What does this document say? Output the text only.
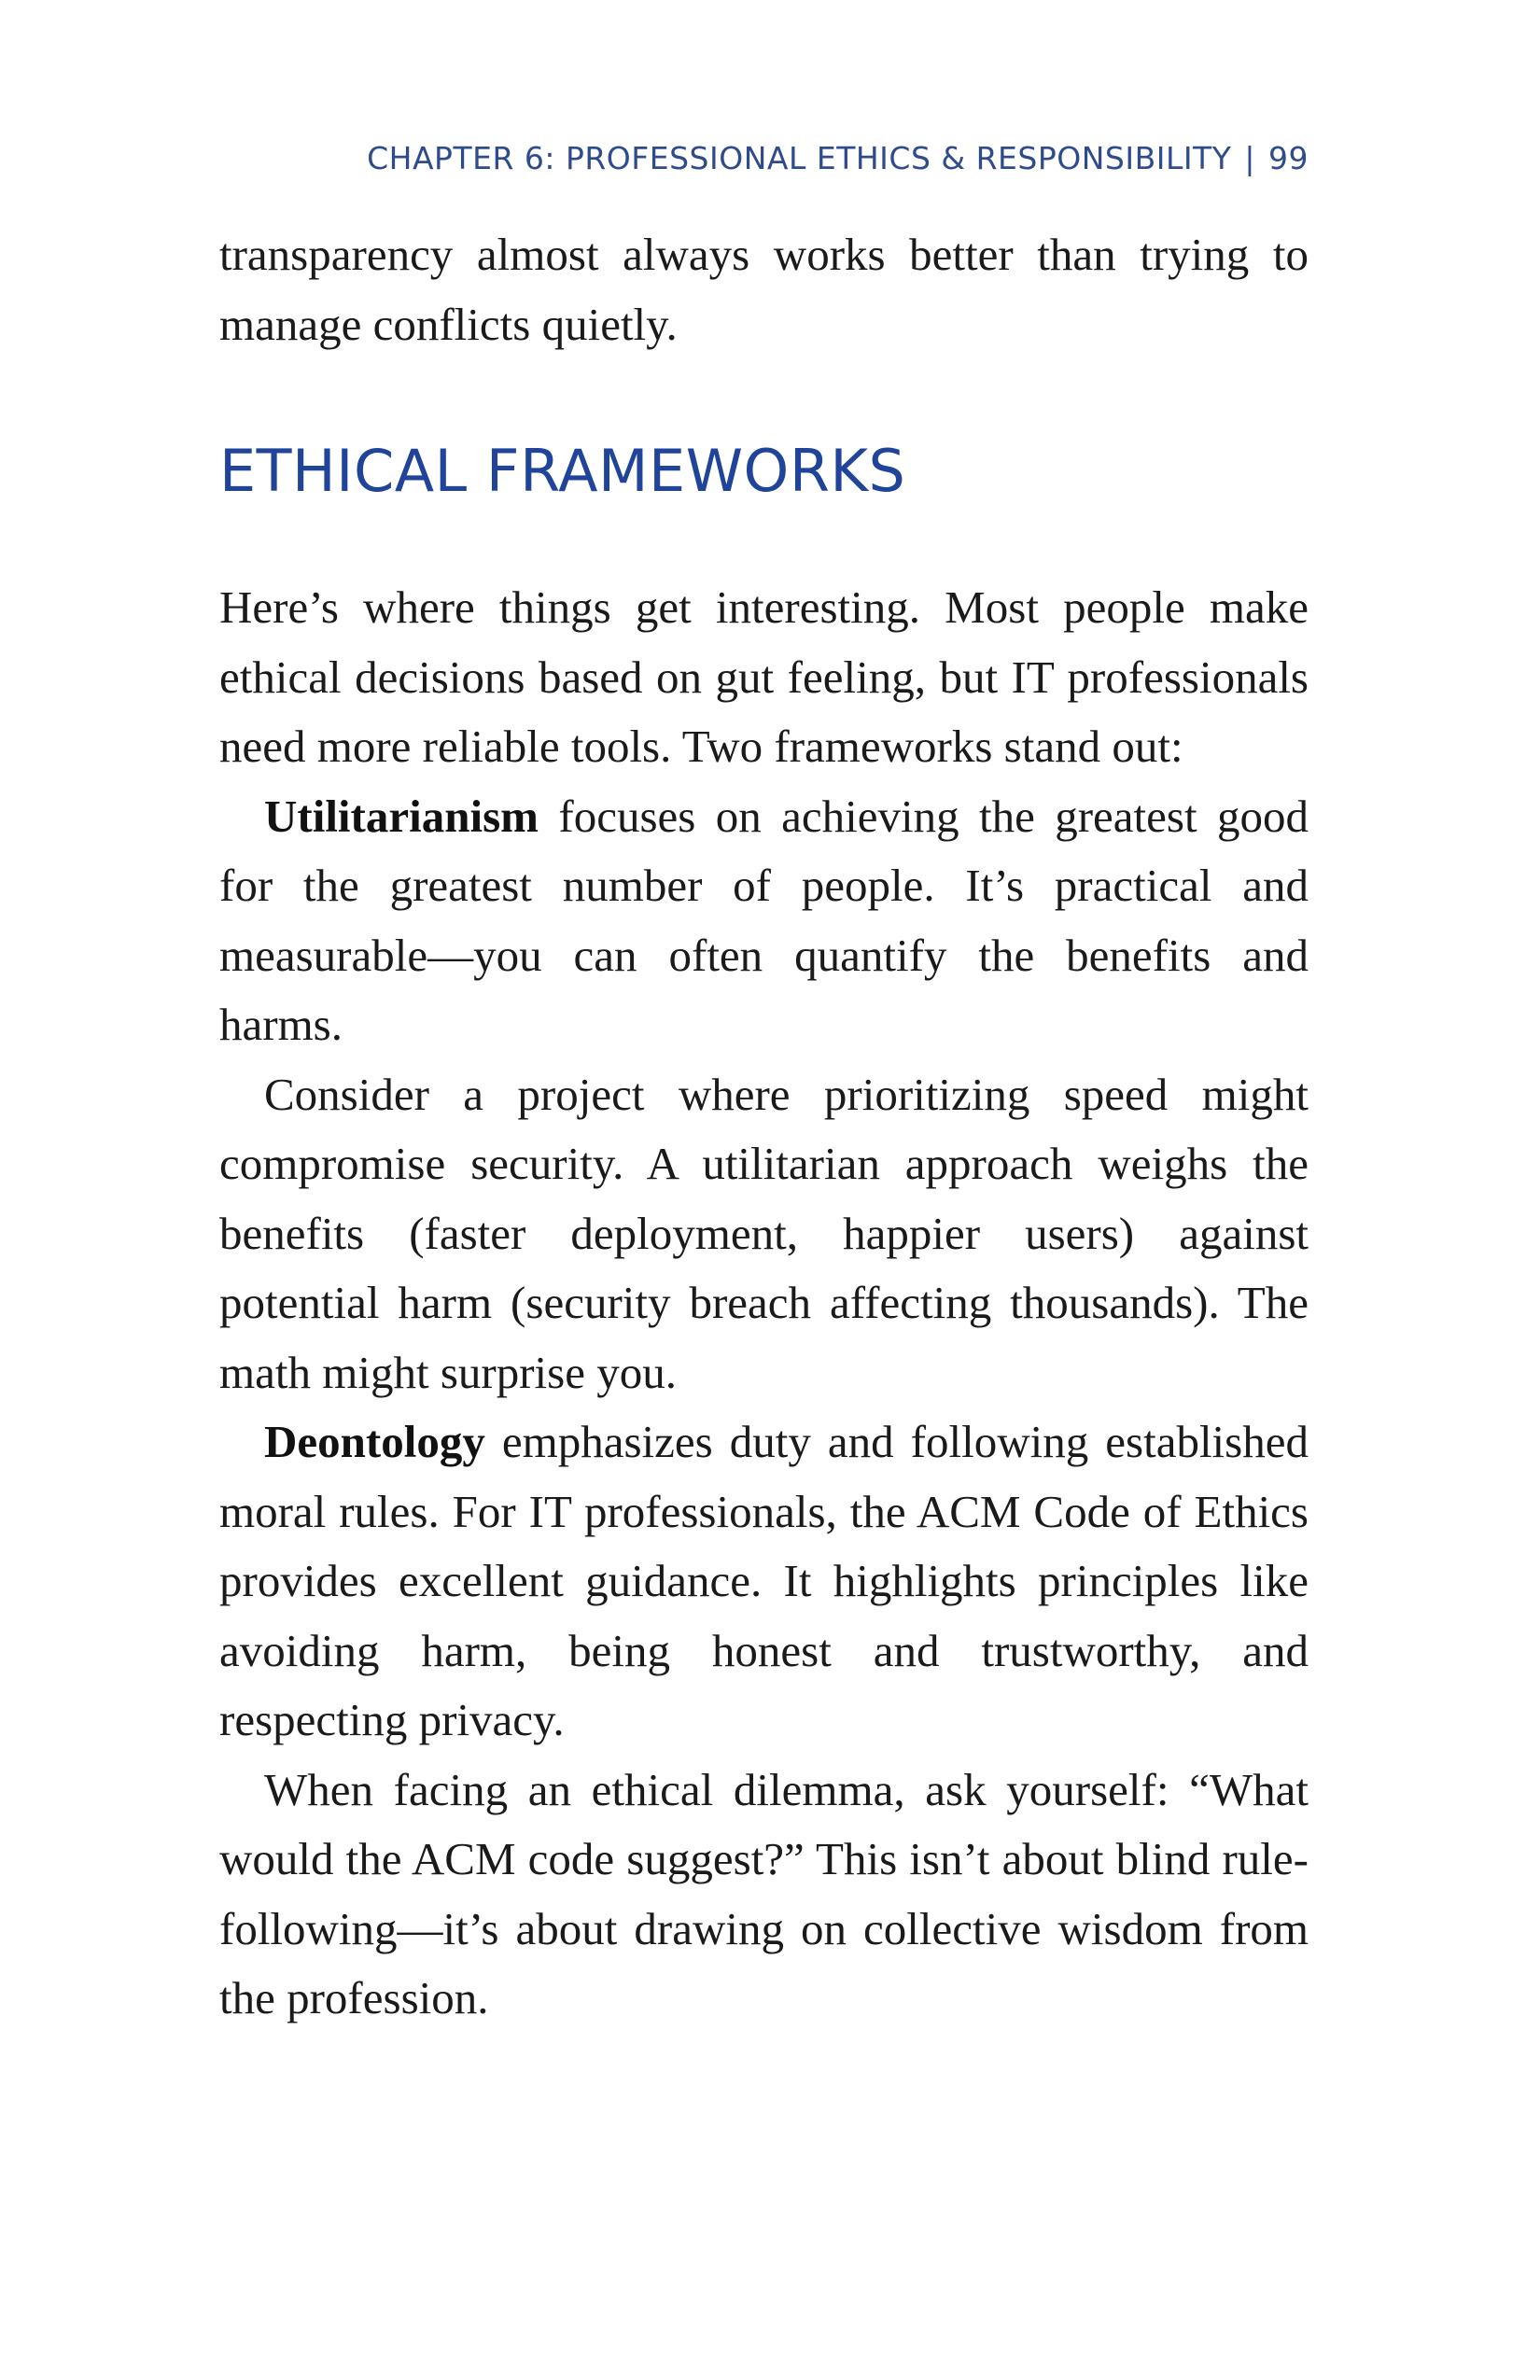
CHAPTER 6: PROFESSIONAL ETHICS & RESPONSIBILITY | 99

transparency almost always works better than trying to manage conflicts quietly.

ETHICAL FRAMEWORKS

Here’s where things get interesting. Most people make ethical decisions based on gut feeling, but IT professionals need more reliable tools. Two frameworks stand out:

Utilitarianism focuses on achieving the greatest good for the greatest number of people. It’s practical and measurable—you can often quantify the benefits and harms.

Consider a project where prioritizing speed might compromise security. A utilitarian approach weighs the benefits (faster deployment, happier users) against potential harm (security breach affecting thousands). The math might surprise you.

Deontology emphasizes duty and following established moral rules. For IT professionals, the ACM Code of Ethics provides excellent guidance. It highlights principles like avoiding harm, being honest and trustworthy, and respecting privacy.

When facing an ethical dilemma, ask yourself: “What would the ACM code suggest?” This isn’t about blind rule-following—it’s about drawing on collective wisdom from the profession.
